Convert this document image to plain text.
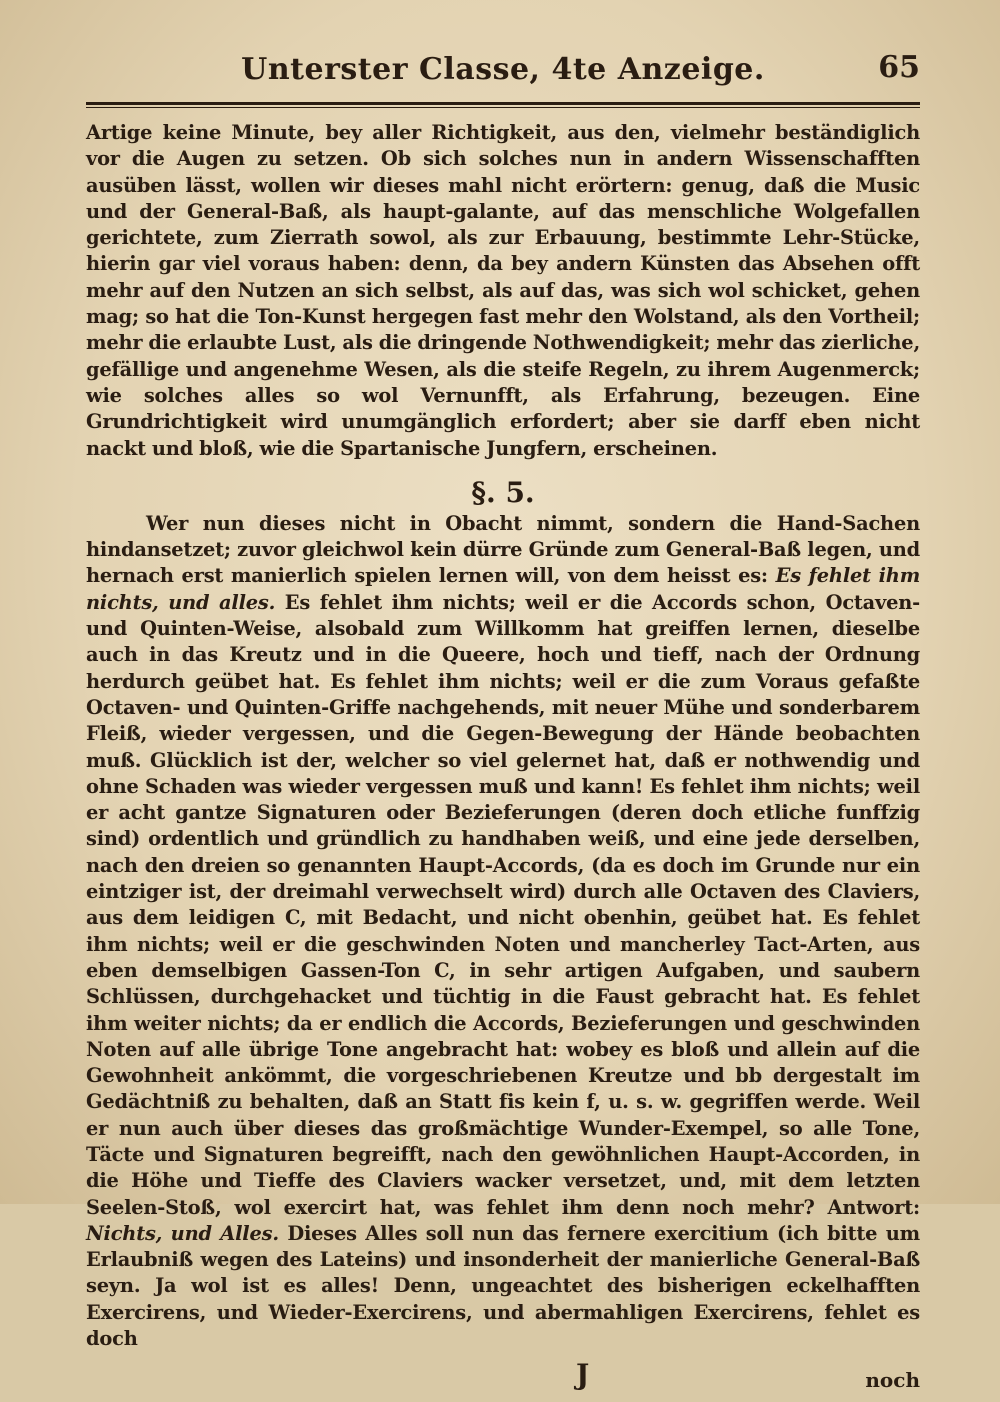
Unterster Classe, 4te Anzeige.	65

Artige keine Minute, bey aller Richtigkeit, aus den, vielmehr beständiglich vor die Augen zu setzen. Ob sich solches nun in andern Wissenschafften ausüben lässt, wollen wir dieses mahl nicht erörtern: genug, daß die Music und der General-Baß, als haupt-galante, auf das menschliche Wolgefallen gerichtete, zum Zierrath sowol, als zur Erbauung, bestimmte Lehr-Stücke, hierin gar viel voraus haben: denn, da bey andern Künsten das Absehen offt mehr auf den Nutzen an sich selbst, als auf das, was sich wol schicket, gehen mag; so hat die Ton-Kunst hergegen fast mehr den Wolstand, als den Vortheil; mehr die erlaubte Lust, als die dringende Nothwendigkeit; mehr das zierliche, gefällige und angenehme Wesen, als die steife Regeln, zu ihrem Augenmerck; wie solches alles so wol Vernunfft, als Erfahrung, bezeugen. Eine Grundrichtigkeit wird unumgänglich erfordert; aber sie darff eben nicht nackt und bloß, wie die Spartanische Jungfern, erscheinen.

§. 5.

Wer nun dieses nicht in Obacht nimmt, sondern die Hand-Sachen hindansetzet; zuvor gleichwol kein dürre Gründe zum General-Baß legen, und hernach erst manierlich spielen lernen will, von dem heisst es: Es fehlet ihm nichts, und alles. Es fehlet ihm nichts; weil er die Accords schon, Octaven- und Quinten-Weise, alsobald zum Willkomm hat greiffen lernen, dieselbe auch in das Kreutz und in die Queere, hoch und tieff, nach der Ordnung herdurch geübet hat. Es fehlet ihm nichts; weil er die zum Voraus gefaßte Octaven- und Quinten-Griffe nachgehends, mit neuer Mühe und sonderbarem Fleiß, wieder vergessen, und die Gegen-Bewegung der Hände beobachten muß. Glücklich ist der, welcher so viel gelernet hat, daß er nothwendig und ohne Schaden was wieder vergessen muß und kann! Es fehlet ihm nichts; weil er acht gantze Signaturen oder Bezieferungen (deren doch etliche funffzig sind) ordentlich und gründlich zu handhaben weiß, und eine jede derselben, nach den dreien so genannten Haupt-Accords, (da es doch im Grunde nur ein eintziger ist, der dreimahl verwechselt wird) durch alle Octaven des Claviers, aus dem leidigen C, mit Bedacht, und nicht obenhin, geübet hat. Es fehlet ihm nichts; weil er die geschwinden Noten und mancherley Tact-Arten, aus eben demselbigen Gassen-Ton C, in sehr artigen Aufgaben, und saubern Schlüssen, durchgehacket und tüchtig in die Faust gebracht hat. Es fehlet ihm weiter nichts; da er endlich die Accords, Bezieferungen und geschwinden Noten auf alle übrige Tone angebracht hat: wobey es bloß und allein auf die Gewohnheit ankömmt, die vorgeschriebenen Kreutze und bb dergestalt im Gedächtniß zu behalten, daß an Statt fis kein f, u. s. w. gegriffen werde. Weil er nun auch über dieses das großmächtige Wunder-Exempel, so alle Tone, Täcte und Signaturen begreifft, nach den gewöhnlichen Haupt-Accorden, in die Höhe und Tieffe des Claviers wacker versetzet, und, mit dem letzten Seelen-Stoß, wol exercirt hat, was fehlet ihm denn noch mehr? Antwort: Nichts, und Alles. Dieses Alles soll nun das fernere exercitium (ich bitte um Erlaubniß wegen des Lateins) und insonderheit der manierliche General-Baß seyn. Ja wol ist es alles! Denn, ungeachtet des bisherigen eckelhafften Exercirens, und Wieder-Exercirens, und abermahligen Exercirens, fehlet es doch

J	noch
